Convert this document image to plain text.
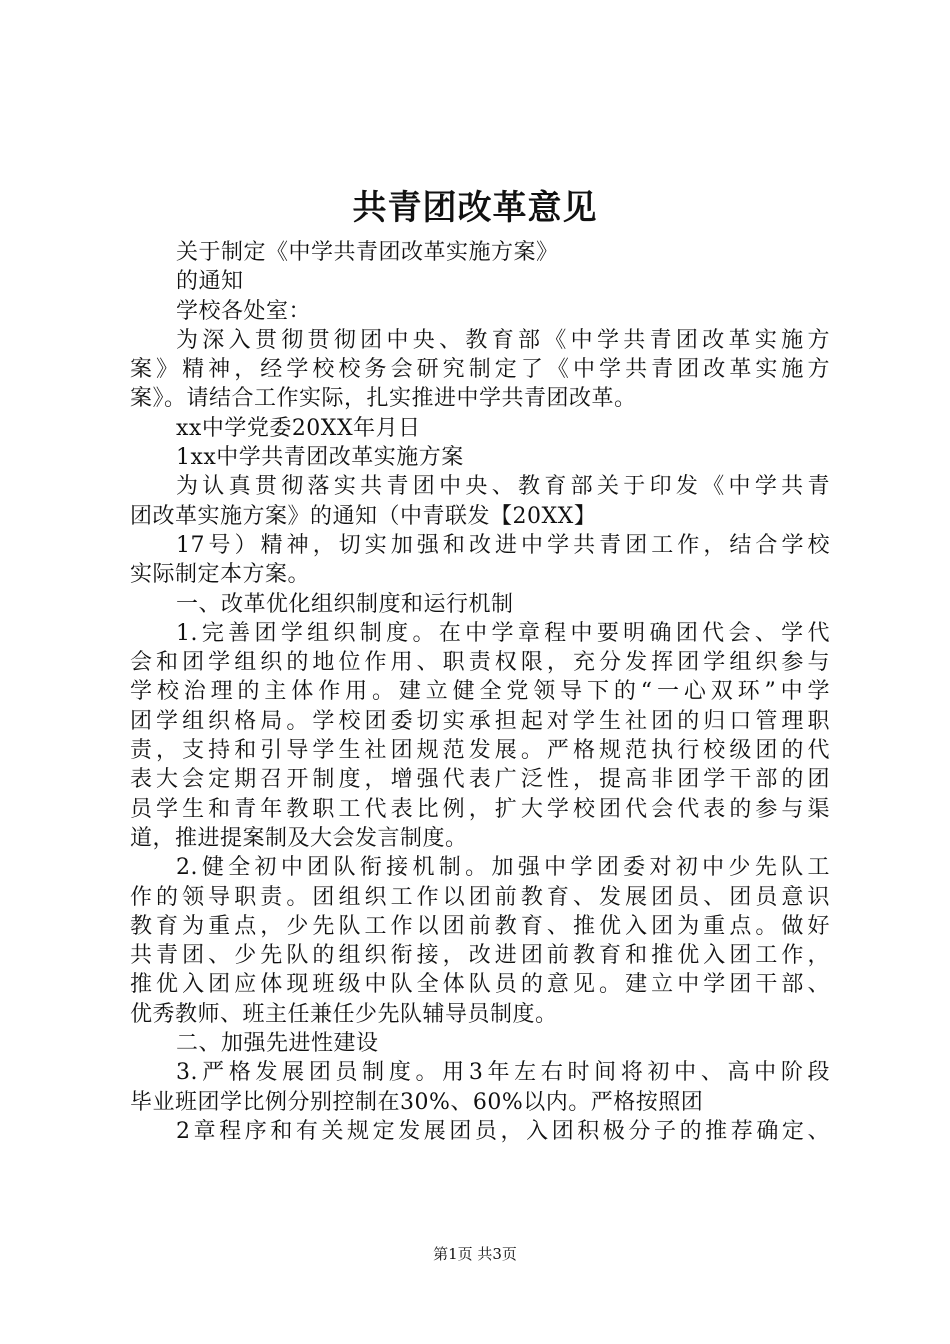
共青团改革意见
关于制定《中学共青团改革实施方案》
的通知
学校各处室：
为深入贯彻贯彻团中央、教育部《中学共青团改革实施方
案》精神，经学校校务会研究制定了《中学共青团改革实施方
案》。请结合工作实际，扎实推进中学共青团改革。
xx中学党委20XX年月日
1xx中学共青团改革实施方案
为认真贯彻落实共青团中央、教育部关于印发《中学共青
团改革实施方案》的通知（中青联发【20XX】
17号）精神，切实加强和改进中学共青团工作，结合学校
实际制定本方案。
一、改革优化组织制度和运行机制
1.完善团学组织制度。在中学章程中要明确团代会、学代
会和团学组织的地位作用、职责权限，充分发挥团学组织参与
学校治理的主体作用。建立健全党领导下的“一心双环”中学
团学组织格局。学校团委切实承担起对学生社团的归口管理职
责，支持和引导学生社团规范发展。严格规范执行校级团的代
表大会定期召开制度，增强代表广泛性，提高非团学干部的团
员学生和青年教职工代表比例，扩大学校团代会代表的参与渠
道，推进提案制及大会发言制度。
2.健全初中团队衔接机制。加强中学团委对初中少先队工
作的领导职责。团组织工作以团前教育、发展团员、团员意识
教育为重点，少先队工作以团前教育、推优入团为重点。做好
共青团、少先队的组织衔接，改进团前教育和推优入团工作，
推优入团应体现班级中队全体队员的意见。建立中学团干部、
优秀教师、班主任兼任少先队辅导员制度。
二、加强先进性建设
3.严格发展团员制度。用3年左右时间将初中、高中阶段
毕业班团学比例分别控制在30%、60%以内。严格按照团
2章程序和有关规定发展团员，入团积极分子的推荐确定、
第1页 共3页
